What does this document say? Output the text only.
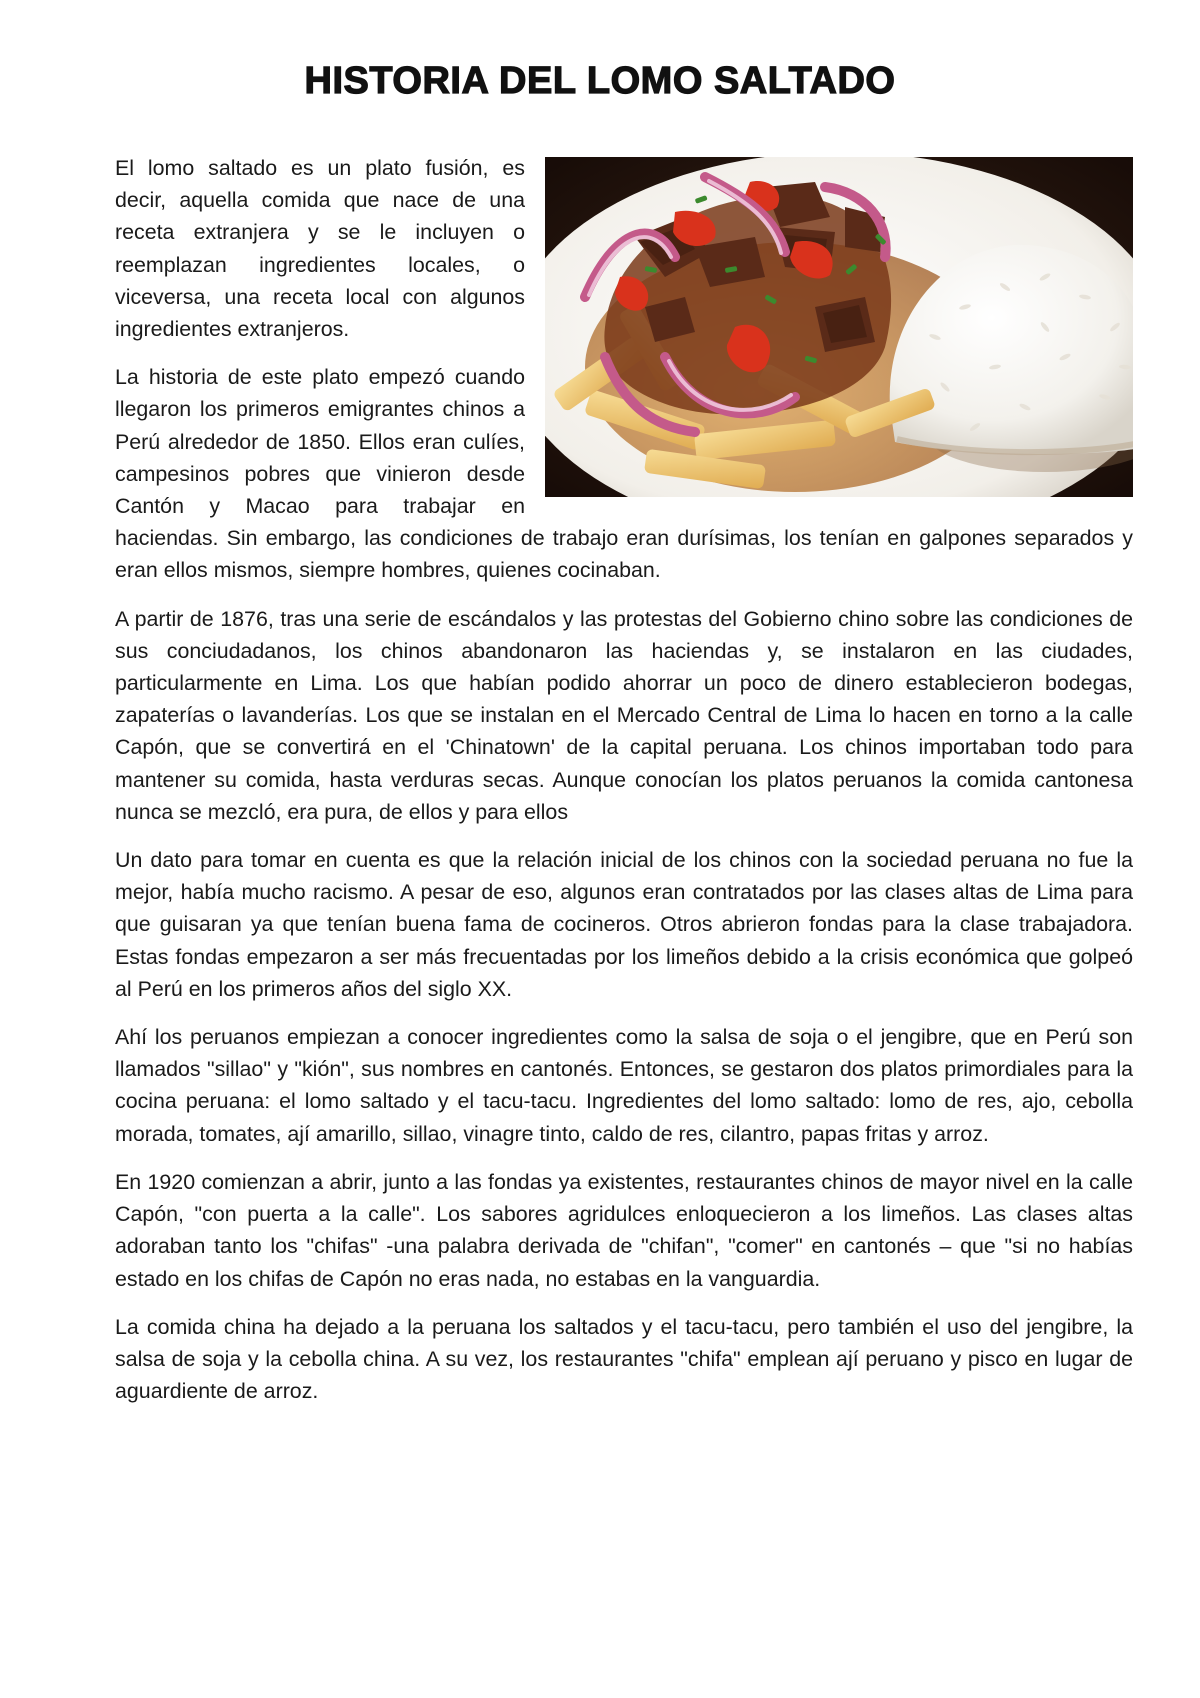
HISTORIA DEL LOMO SALTADO

El lomo saltado es un plato fusión, es decir, aquella comida que nace de una receta extranjera y se le incluyen o reemplazan ingredientes locales, o viceversa, una receta local con algunos ingredientes extranjeros.

La historia de este plato empezó cuando llegaron los primeros emigrantes chinos a Perú alrededor de 1850. Ellos eran culíes, campesinos pobres que vinieron desde Cantón y Macao para trabajar en haciendas. Sin embargo, las condiciones de trabajo eran durísimas, los tenían en galpones separados y eran ellos mismos, siempre hombres, quienes cocinaban.

A partir de 1876, tras una serie de escándalos y las protestas del Gobierno chino sobre las condiciones de sus conciudadanos, los chinos abandonaron las haciendas y, se instalaron en las ciudades, particularmente en Lima. Los que habían podido ahorrar un poco de dinero establecieron bodegas, zapaterías o lavanderías. Los que se instalan en el Mercado Central de Lima lo hacen en torno a la calle Capón, que se convertirá en el 'Chinatown' de la capital peruana. Los chinos importaban todo para mantener su comida, hasta verduras secas. Aunque conocían los platos peruanos la comida cantonesa nunca se mezcló, era pura, de ellos y para ellos

Un dato para tomar en cuenta es que la relación inicial de los chinos con la sociedad peruana no fue la mejor, había mucho racismo. A pesar de eso, algunos eran contratados por las clases altas de Lima para que guisaran ya que tenían buena fama de cocineros. Otros abrieron fondas para la clase trabajadora. Estas fondas empezaron a ser más frecuentadas por los limeños debido a la crisis económica que golpeó al Perú en los primeros años del siglo XX.

Ahí los peruanos empiezan a conocer ingredientes como la salsa de soja o el jengibre, que en Perú son llamados "sillao" y "kión", sus nombres en cantonés. Entonces, se gestaron dos platos primordiales para la cocina peruana: el lomo saltado y el tacu-tacu. Ingredientes del lomo saltado: lomo de res, ajo, cebolla morada, tomates, ají amarillo, sillao, vinagre tinto, caldo de res, cilantro, papas fritas y arroz.

En 1920 comienzan a abrir, junto a las fondas ya existentes, restaurantes chinos de mayor nivel en la calle Capón, "con puerta a la calle". Los sabores agridulces enloquecieron a los limeños. Las clases altas adoraban tanto los "chifas" -una palabra derivada de "chifan", "comer" en cantonés – que "si no habías estado en los chifas de Capón no eras nada, no estabas en la vanguardia.

La comida china ha dejado a la peruana los saltados y el tacu-tacu, pero también el uso del jengibre, la salsa de soja y la cebolla china. A su vez, los restaurantes "chifa" emplean ají peruano y pisco en lugar de aguardiente de arroz.
